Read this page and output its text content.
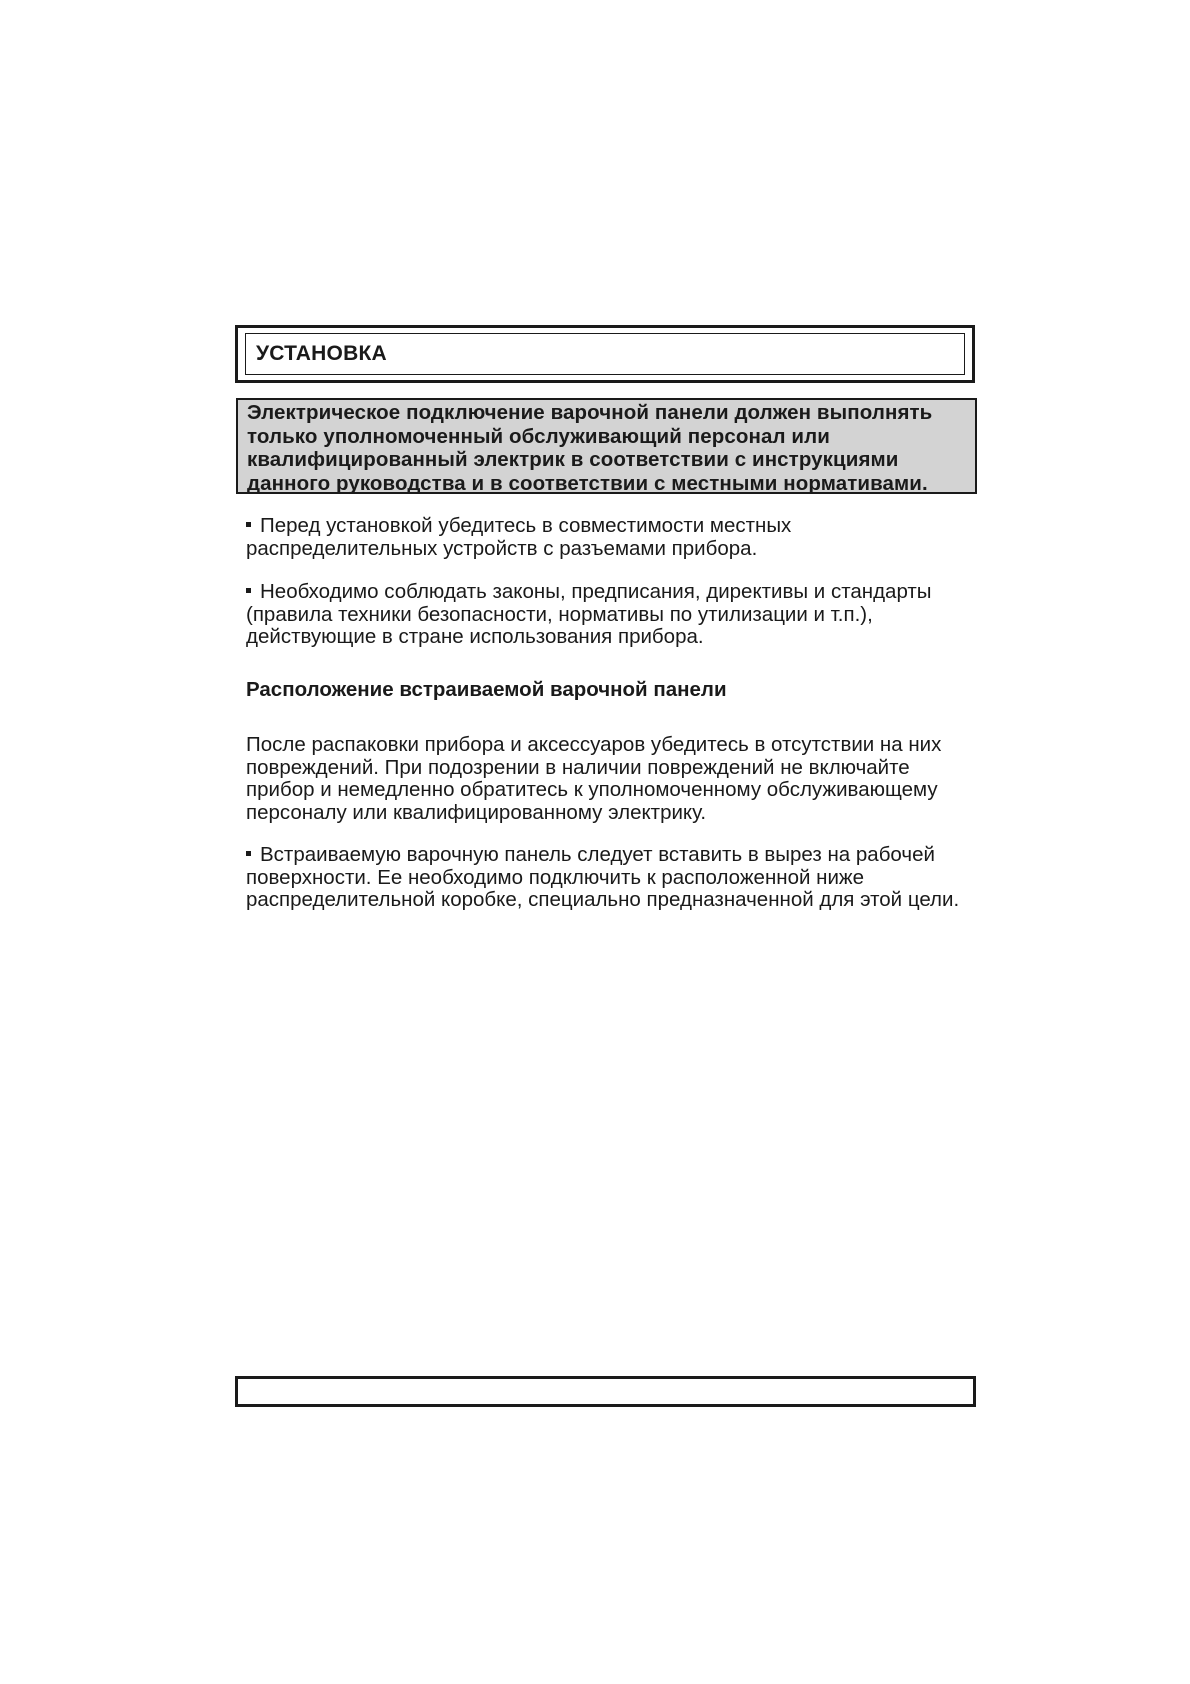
УСТАНОВКА
Электрическое подключение варочной панели должен выполнять только уполномоченный обслуживающий персонал или квалифицированный электрик в соответствии с инструкциями данного руководства и в соответствии с местными нормативами.

Перед установкой убедитесь в совместимости местных распределительных устройств с разъемами прибора.

Необходимо соблюдать законы, предписания, директивы и стандарты (правила техники безопасности, нормативы по утилизации и т.п.), действующие в стране использования прибора.

Расположение встраиваемой варочной панели

После распаковки прибора и аксессуаров убедитесь в отсутствии на них повреждений. При подозрении в наличии повреждений не включайте прибор и немедленно обратитесь к уполномоченному обслуживающему персоналу или квалифицированному электрику.

Встраиваемую варочную панель следует вставить в вырез на рабочей поверхности. Ее необходимо подключить к расположенной ниже распределительной коробке, специально предназначенной для этой цели.
